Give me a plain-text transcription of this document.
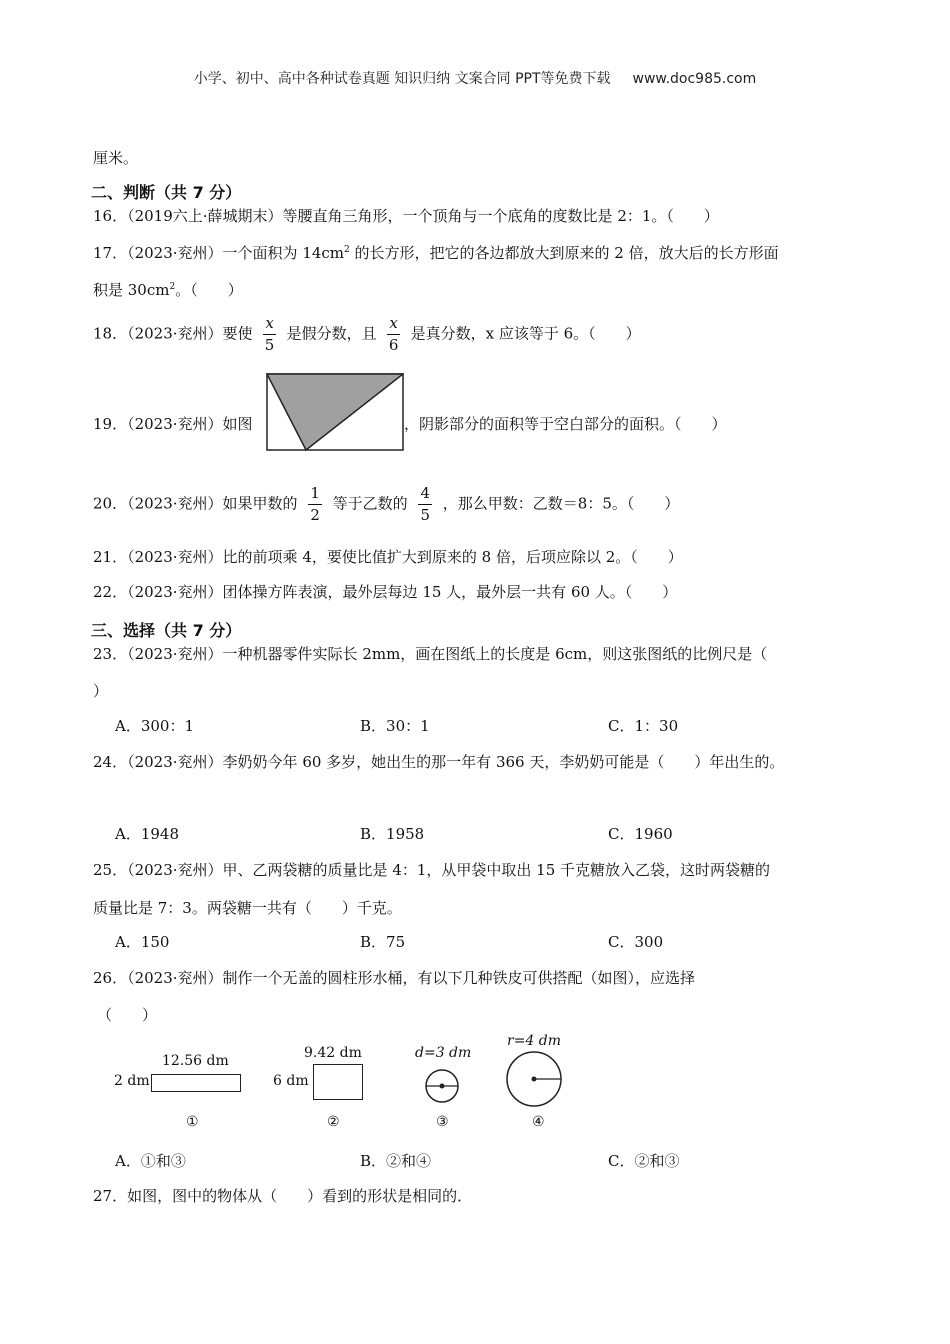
小学、初中、高中各种试卷真题 知识归纳 文案合同 PPT等免费下载 www.doc985.com
厘米。
二、判断（共 7 分）
16．（2019六上·薛城期末）等腰直角三角形，一个顶角与一个底角的度数比是 2：1。（　　）
17．（2023·兖州）一个面积为 $14cm^2$ 的长方形，把它的各边都放大到原来的 2 倍，放大后的长方形面
积是 $30cm^2$。（　　）
18．（2023·兖州）要使 $\frac{x}{5}$ 是假分数，且 $\frac{x}{6}$ 是真分数，x 应该等于 6。（　　）
19．（2023·兖州）如图	，阴影部分的面积等于空白部分的面积。（　　）
20．（2023·兖州）如果甲数的 $\frac{1}{2}$ 等于乙数的 $\frac{4}{5}$ ，那么甲数：乙数＝8：5。（　　）
21．（2023·兖州）比的前项乘 4，要使比值扩大到原来的 8 倍，后项应除以 2。（　　）
22．（2023·兖州）团体操方阵表演，最外层每边 15 人，最外层一共有 60 人。（　　）
三、选择（共 7 分）
23．（2023·兖州）一种机器零件实际长 2mm，画在图纸上的长度是 6cm，则这张图纸的比例尺是（
）
A．300：1	B．30：1	C．1：30
24．（2023·兖州）李奶奶今年 60 多岁，她出生的那一年有 366 天，李奶奶可能是（　　）年出生的。
A．1948	B．1958	C．1960
25．（2023·兖州）甲、乙两袋糖的质量比是 4：1，从甲袋中取出 15 千克糖放入乙袋，这时两袋糖的
质量比是 7：3。两袋糖一共有（　　）千克。
A．150	B．75	C．300
26．（2023·兖州）制作一个无盖的圆柱形水桶，有以下几种铁皮可供搭配（如图），应选择
（　　）
12.56 dm
2 dm
①
9.42 dm
6 dm
②
d=3 dm
③
r=4 dm
④
A．①和③	B．②和④	C．②和③
27．如图，图中的物体从（　　）看到的形状是相同的．
